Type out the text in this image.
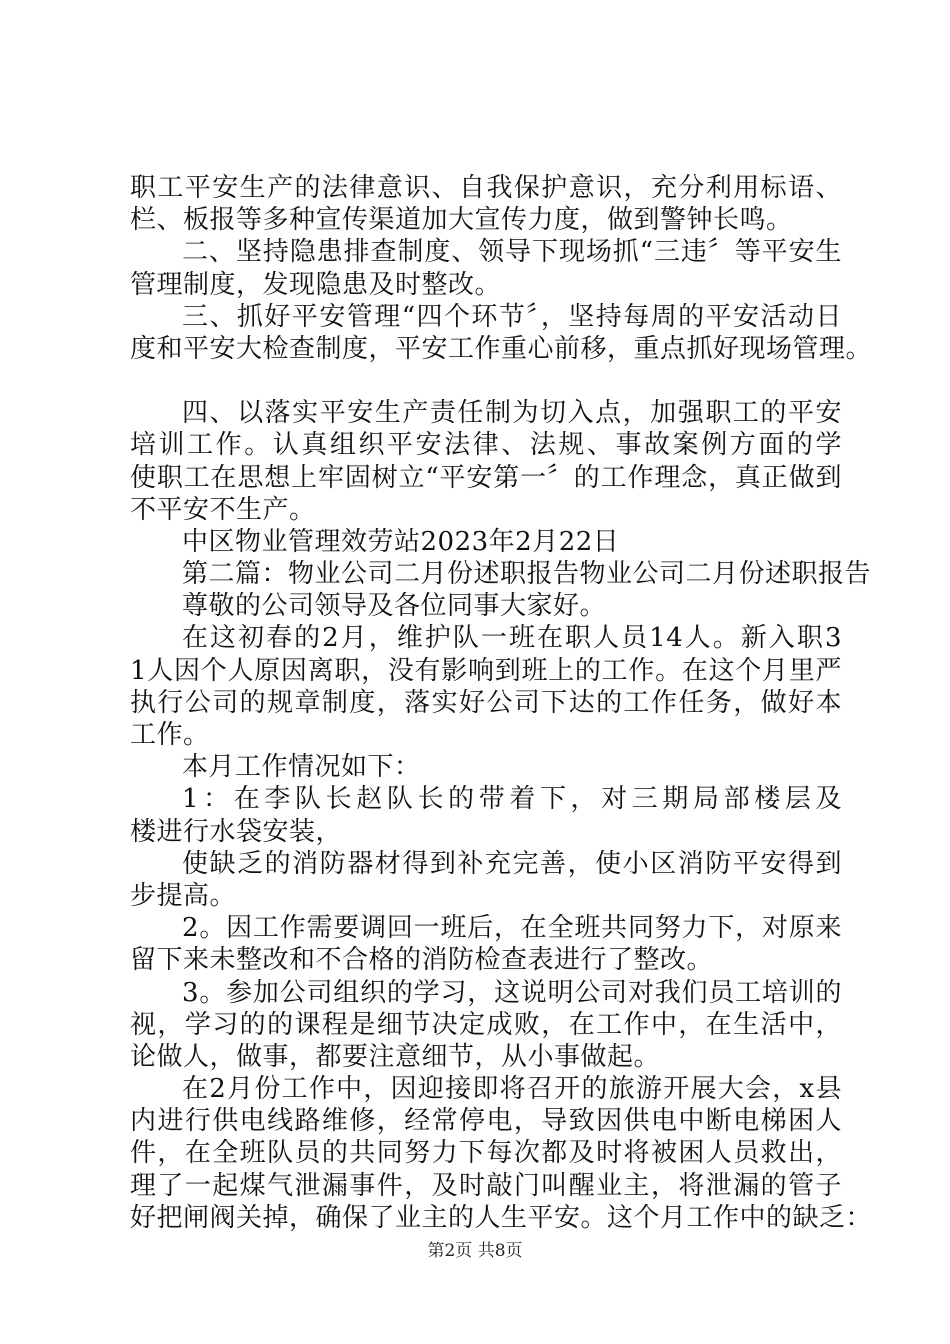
职工平安生产的法律意识、自我保护意识，充分利用标语、
栏、板报等多种宣传渠道加大宣传力度，做到警钟长鸣。
二、坚持隐患排查制度、领导下现场抓“三违〞等平安生
管理制度，发现隐患及时整改。
三、抓好平安管理“四个环节〞，坚持每周的平安活动日
度和平安大检查制度，平安工作重心前移，重点抓好现场管理。
四、以落实平安生产责任制为切入点，加强职工的平安
培训工作。认真组织平安法律、法规、事故案例方面的学
使职工在思想上牢固树立“平安第一〞的工作理念，真正做到
不平安不生产。
中区物业管理效劳站2023年2月22日
第二篇：物业公司二月份述职报告物业公司二月份述职报告
尊敬的公司领导及各位同事大家好。
在这初春的2月，维护队一班在职人员14人。新入职3
1人因个人原因离职，没有影响到班上的工作。在这个月里严
执行公司的规章制度，落实好公司下达的工作任务，做好本
工作。
本月工作情况如下：
1：在李队长赵队长的带着下，对三期局部楼层及
楼进行水袋安装，
使缺乏的消防器材得到补充完善，使小区消防平安得到
步提高。
2。因工作需要调回一班后，在全班共同努力下，对原来
留下来未整改和不合格的消防检查表进行了整改。
3。参加公司组织的学习，这说明公司对我们员工培训的
视，学习的的课程是细节决定成败，在工作中，在生活中，
论做人，做事，都要注意细节，从小事做起。
在2月份工作中，因迎接即将召开的旅游开展大会，x县
内进行供电线路维修，经常停电，导致因供电中断电梯困人
件，在全班队员的共同努力下每次都及时将被困人员救出，
理了一起煤气泄漏事件，及时敲门叫醒业主，将泄漏的管子
好把闸阀关掉，确保了业主的人生平安。这个月工作中的缺乏：
第2页 共8页
